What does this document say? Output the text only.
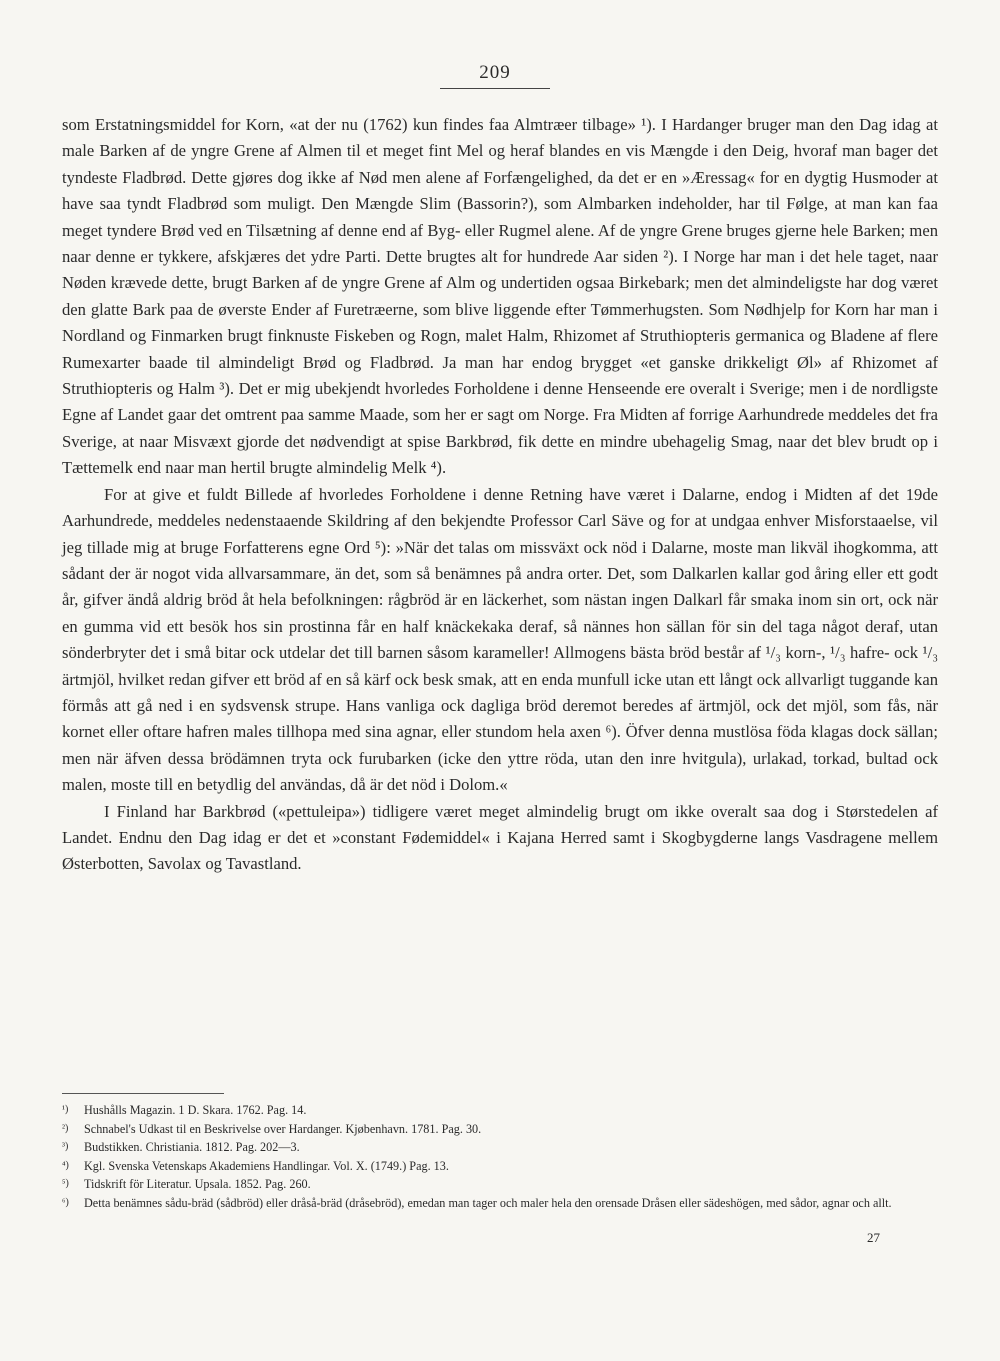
209

som Erstatningsmiddel for Korn, «at der nu (1762) kun findes faa Almtræer tilbage» ¹). I Hardanger bruger man den Dag idag at male Barken af de yngre Grene af Almen til et meget fint Mel og heraf blandes en vis Mængde i den Deig, hvoraf man bager det tyndeste Fladbrød. Dette gjøres dog ikke af Nød men alene af Forfængelighed, da det er en »Æressag« for en dygtig Husmoder at have saa tyndt Fladbrød som muligt. Den Mængde Slim (Bassorin?), som Almbarken indeholder, har til Følge, at man kan faa meget tyndere Brød ved en Tilsætning af denne end af Byg- eller Rugmel alene. Af de yngre Grene bruges gjerne hele Barken; men naar denne er tykkere, afskjæres det ydre Parti. Dette brugtes alt for hundrede Aar siden ²). I Norge har man i det hele taget, naar Nøden krævede dette, brugt Barken af de yngre Grene af Alm og undertiden ogsaa Birkebark; men det almindeligste har dog været den glatte Bark paa de øverste Ender af Furetræerne, som blive liggende efter Tømmerhugsten. Som Nødhjelp for Korn har man i Nordland og Finmarken brugt finknuste Fiskeben og Rogn, malet Halm, Rhizomet af Struthiopteris germanica og Bladene af flere Rumexarter baade til almindeligt Brød og Fladbrød. Ja man har endog brygget «et ganske drikkeligt Øl» af Rhizomet af Struthiopteris og Halm ³). Det er mig ubekjendt hvorledes Forholdene i denne Henseende ere overalt i Sverige; men i de nordligste Egne af Landet gaar det omtrent paa samme Maade, som her er sagt om Norge. Fra Midten af forrige Aarhundrede meddeles det fra Sverige, at naar Misvæxt gjorde det nødvendigt at spise Barkbrød, fik dette en mindre ubehagelig Smag, naar det blev brudt op i Tættemelk end naar man hertil brugte almindelig Melk ⁴).

For at give et fuldt Billede af hvorledes Forholdene i denne Retning have været i Dalarne, endog i Midten af det 19de Aarhundrede, meddeles nedenstaaende Skildring af den bekjendte Professor Carl Säve og for at undgaa enhver Misforstaaelse, vil jeg tillade mig at bruge Forfatterens egne Ord ⁵): »När det talas om missväxt ock nöd i Dalarne, moste man likväl ihogkomma, att sådant der är nogot vida allvarsammare, än det, som så benämnes på andra orter. Det, som Dalkarlen kallar god åring eller ett godt år, gifver ändå aldrig bröd åt hela befolkningen: rågbröd är en läckerhet, som nästan ingen Dalkarl får smaka inom sin ort, ock när en gumma vid ett besök hos sin prostinna får en half knäckekaka deraf, så nännes hon sällan för sin del taga något deraf, utan sönderbryter det i små bitar ock utdelar det till barnen såsom karameller! Allmogens bästa bröd består af ¹/₃ korn-, ¹/₃ hafre- ock ¹/₃ ärtmjöl, hvilket redan gifver ett bröd af en så kärf ock besk smak, att en enda munfull icke utan ett långt ock allvarligt tuggande kan förmås att gå ned i en sydsvensk strupe. Hans vanliga ock dagliga bröd deremot beredes af ärtmjöl, ock det mjöl, som fås, när kornet eller oftare hafren males tillhopa med sina agnar, eller stundom hela axen ⁶). Öfver denna mustlösa föda klagas dock sällan; men när äfven dessa brödämnen tryta ock furubarken (icke den yttre röda, utan den inre hvitgula), urlakad, torkad, bultad ock malen, moste till en betydlig del användas, då är det nöd i Dolom.«

I Finland har Barkbrød («pettuleipa») tidligere været meget almindelig brugt om ikke overalt saa dog i Størstedelen af Landet. Endnu den Dag idag er det et »constant Fødemiddel« i Kajana Herred samt i Skogbygderne langs Vasdragene mellem Østerbotten, Savolax og Tavastland.

¹)	Hushålls Magazin. 1 D. Skara. 1762. Pag. 14.
²)	Schnabel's Udkast til en Beskrivelse over Hardanger. Kjøbenhavn. 1781. Pag. 30.
³)	Budstikken. Christiania. 1812. Pag. 202—3.
⁴)	Kgl. Svenska Vetenskaps Akademiens Handlingar. Vol. X. (1749.) Pag. 13.
⁵)	Tidskrift för Literatur. Upsala. 1852. Pag. 260.
⁶)	Detta benämnes sådu-bräd (sådbröd) eller dråså-bräd (dråsebröd), emedan man tager och maler hela den orensade Dråsen eller sädeshögen, med sådor, agnar och allt.
27
